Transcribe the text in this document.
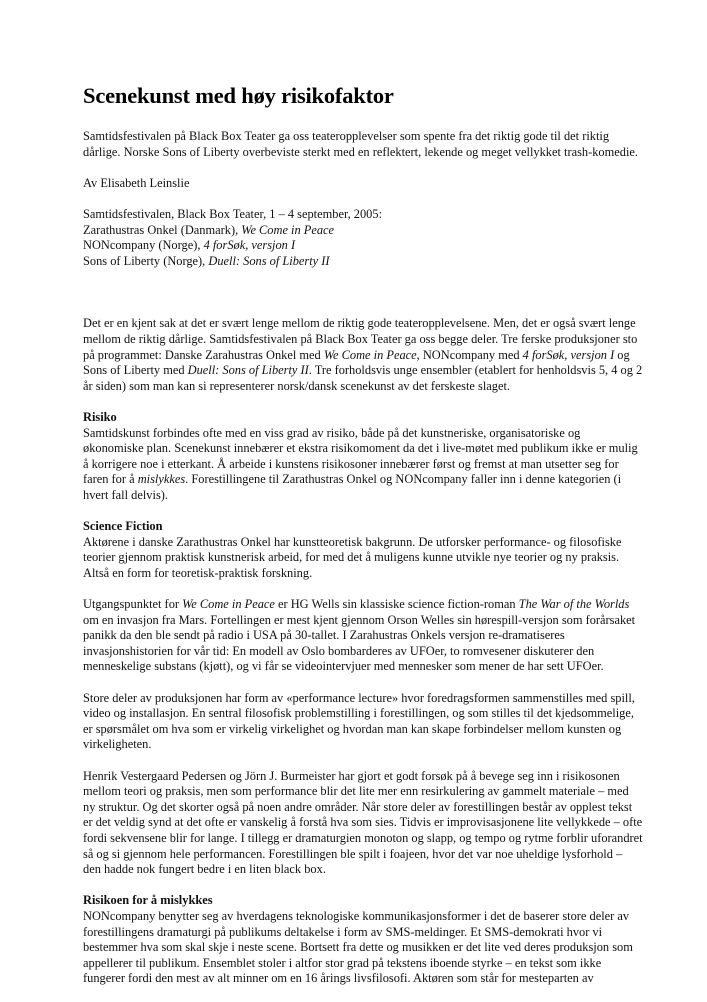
Scenekunst med høy risikofaktor

Samtidsfestivalen på Black Box Teater ga oss teateropplevelser som spente fra det riktig gode til det riktig dårlige. Norske Sons of Liberty overbeviste sterkt med en reflektert, lekende og meget vellykket trash-komedie.

Av Elisabeth Leinslie

Samtidsfestivalen, Black Box Teater, 1 – 4 september, 2005:
Zarathustras Onkel (Danmark), We Come in Peace
NONcompany (Norge), 4 forSøk, versjon I
Sons of Liberty (Norge), Duell: Sons of Liberty II

Det er en kjent sak at det er svært lenge mellom de riktig gode teateropplevelsene. Men, det er også svært lenge mellom de riktig dårlige. Samtidsfestivalen på Black Box Teater ga oss begge deler. Tre ferske produksjoner sto på programmet: Danske Zarahustras Onkel med We Come in Peace, NONcompany med 4 forSøk, versjon I og Sons of Liberty med Duell: Sons of Liberty II. Tre forholdsvis unge ensembler (etablert for henholdsvis 5, 4 og 2 år siden) som man kan si representerer norsk/dansk scenekunst av det ferskeste slaget.

Risiko

Samtidskunst forbindes ofte med en viss grad av risiko, både på det kunstneriske, organisatoriske og økonomiske plan. Scenekunst innebærer et ekstra risikomoment da det i live-møtet med publikum ikke er mulig å korrigere noe i etterkant. Å arbeide i kunstens risikosoner innebærer først og fremst at man utsetter seg for faren for å mislykkes. Forestillingene til Zarathustras Onkel og NONcompany faller inn i denne kategorien (i hvert fall delvis).

Science Fiction

Aktørene i danske Zarathustras Onkel har kunstteoretisk bakgrunn. De utforsker performance- og filosofiske teorier gjennom praktisk kunstnerisk arbeid, for med det å muligens kunne utvikle nye teorier og ny praksis. Altså en form for teoretisk-praktisk forskning.

Utgangspunktet for We Come in Peace er HG Wells sin klassiske science fiction-roman The War of the Worlds om en invasjon fra Mars. Fortellingen er mest kjent gjennom Orson Welles sin hørespill-versjon som forårsaket panikk da den ble sendt på radio i USA på 30-tallet. I Zarahustras Onkels versjon re-dramatiseres invasjonshistorien for vår tid: En modell av Oslo bombarderes av UFOer, to romvesener diskuterer den menneskelige substans (kjøtt), og vi får se videointervjuer med mennesker som mener de har sett UFOer.

Store deler av produksjonen har form av «performance lecture» hvor foredragsformen sammenstilles med spill, video og installasjon. En sentral filosofisk problemstilling i forestillingen, og som stilles til det kjedsommelige, er spørsmålet om hva som er virkelig virkelighet og hvordan man kan skape forbindelser mellom kunsten og virkeligheten.

Henrik Vestergaard Pedersen og Jörn J. Burmeister har gjort et godt forsøk på å bevege seg inn i risikosonen mellom teori og praksis, men som performance blir det lite mer enn resirkulering av gammelt materiale – med ny struktur. Og det skorter også på noen andre områder. Når store deler av forestillingen består av opplest tekst er det veldig synd at det ofte er vanskelig å forstå hva som sies. Tidvis er improvisasjonene lite vellykkede – ofte fordi sekvensene blir for lange. I tillegg er dramaturgien monoton og slapp, og tempo og rytme forblir uforandret så og si gjennom hele performancen. Forestillingen ble spilt i foajeen, hvor det var noe uheldige lysforhold – den hadde nok fungert bedre i en liten black box.

Risikoen for å mislykkes

NONcompany benytter seg av hverdagens teknologiske kommunikasjonsformer i det de baserer store deler av forestillingens dramaturgi på publikums deltakelse i form av SMS-meldinger. Et SMS-demokrati hvor vi bestemmer hva som skal skje i neste scene. Bortsett fra dette og musikken er det lite ved deres produksjon som appellerer til publikum. Ensemblet stoler i altfor stor grad på tekstens iboende styrke – en tekst som ikke fungerer fordi den mest av alt minner om en 16 årings livsfilosofi. Aktøren som står for mesteparten av
